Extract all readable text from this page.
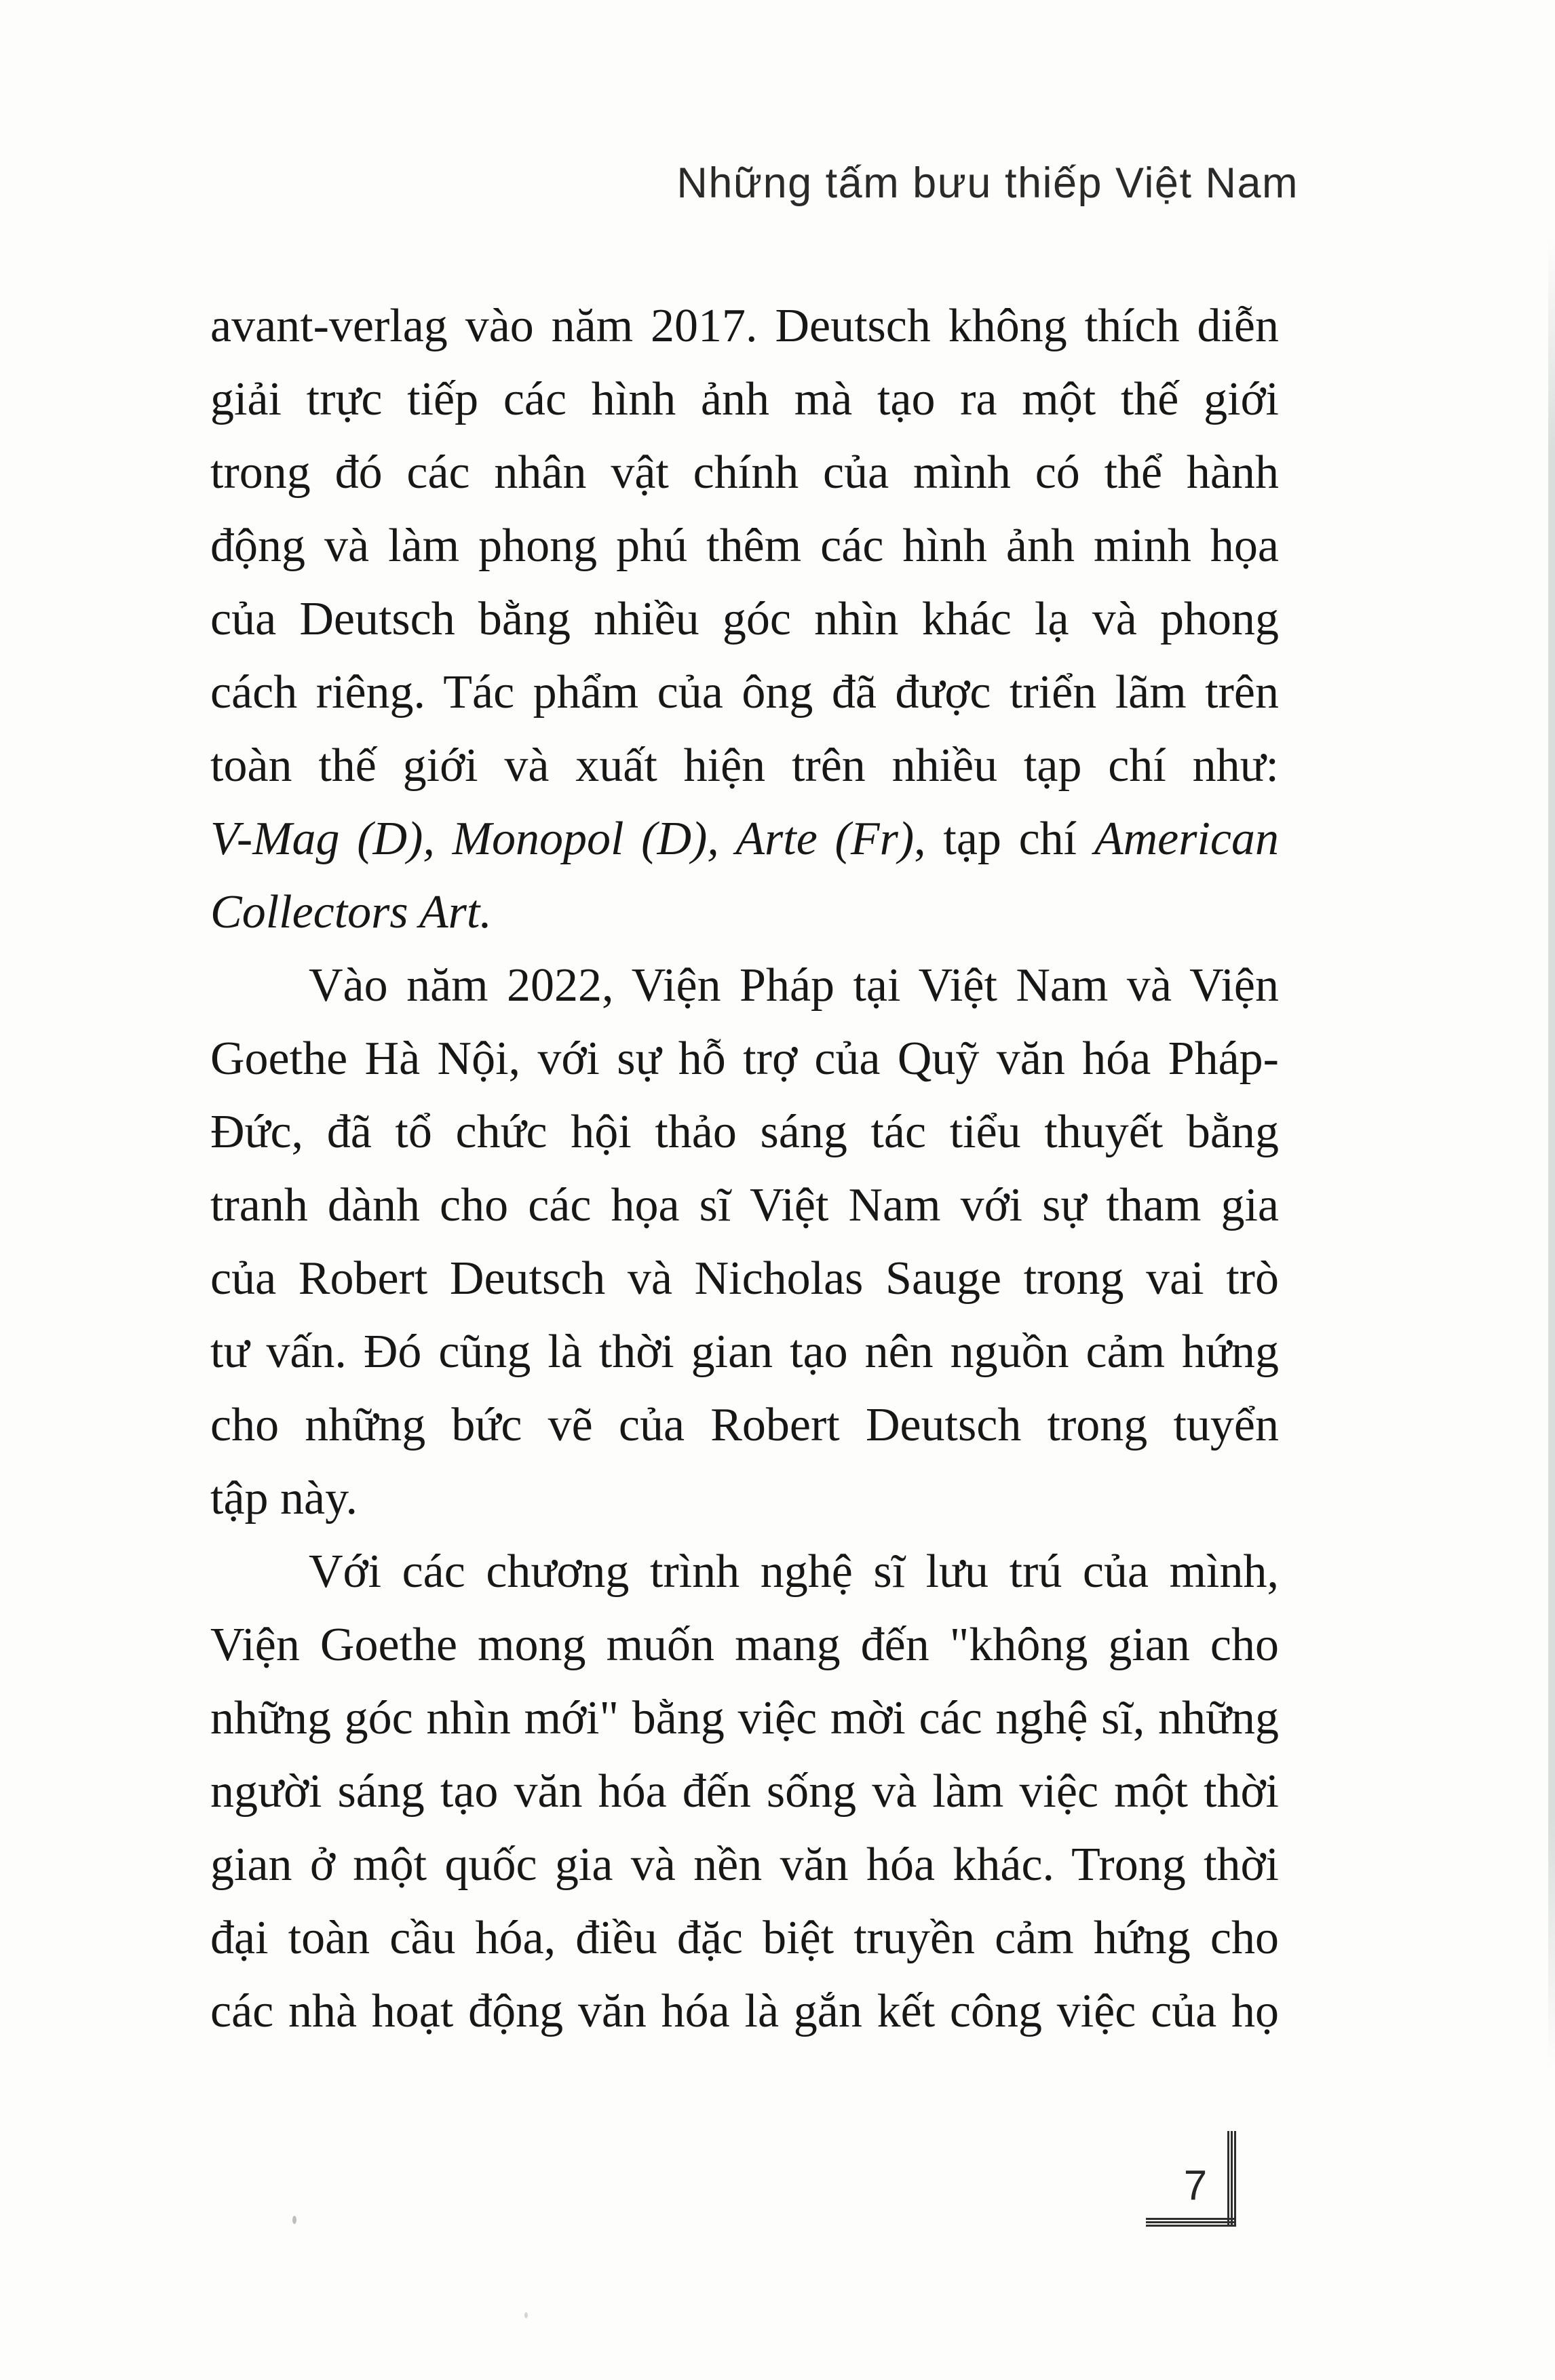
Những tấm bưu thiếp Việt Nam
avant-verlag vào năm 2017. Deutsch không thích diễn
giải trực tiếp các hình ảnh mà tạo ra một thế giới
trong đó các nhân vật chính của mình có thể hành
động và làm phong phú thêm các hình ảnh minh họa
của Deutsch bằng nhiều góc nhìn khác lạ và phong
cách riêng. Tác phẩm của ông đã được triển lãm trên
toàn thế giới và xuất hiện trên nhiều tạp chí như:
V-Mag (D), Monopol (D), Arte (Fr), tạp chí American
Collectors Art.
Vào năm 2022, Viện Pháp tại Việt Nam và Viện
Goethe Hà Nội, với sự hỗ trợ của Quỹ văn hóa Pháp-
Đức, đã tổ chức hội thảo sáng tác tiểu thuyết bằng
tranh dành cho các họa sĩ Việt Nam với sự tham gia
của Robert Deutsch và Nicholas Sauge trong vai trò
tư vấn. Đó cũng là thời gian tạo nên nguồn cảm hứng
cho những bức vẽ của Robert Deutsch trong tuyển
tập này.
Với các chương trình nghệ sĩ lưu trú của mình,
Viện Goethe mong muốn mang đến "không gian cho
những góc nhìn mới" bằng việc mời các nghệ sĩ, những
người sáng tạo văn hóa đến sống và làm việc một thời
gian ở một quốc gia và nền văn hóa khác. Trong thời
đại toàn cầu hóa, điều đặc biệt truyền cảm hứng cho
các nhà hoạt động văn hóa là gắn kết công việc của họ
7
